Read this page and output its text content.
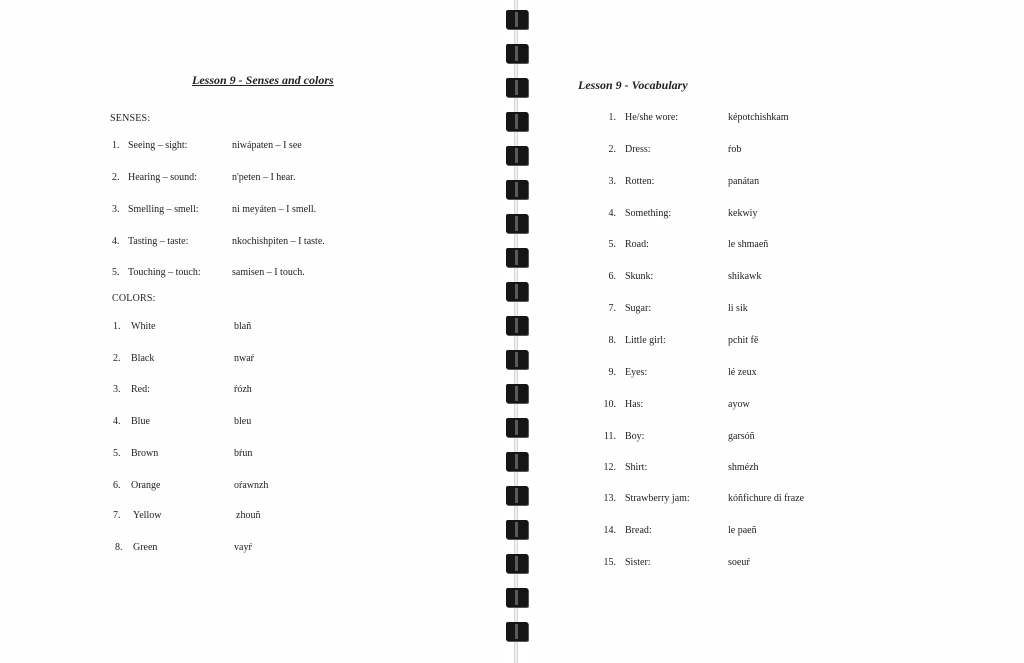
Lesson 9 - Senses and colors
SENSES:
1. Seeing – sight:	niwápaten – I see
2. Hearing – sound:	n'peten – I hear.
3. Smelling – smell:	ni meyáten – I smell.
4. Tasting – taste:	nkochishpiten – I taste.
5. Touching – touch:	samisen – I touch.
COLORS:
1. White	blañ
2. Black	nwaŕ
3. Red:	ŕózh
4. Blue	bleu
5. Brown	bŕun
6. Orange	oŕawnzh
7. Yellow	zhouñ
8. Green	vayŕ
Lesson 9 - Vocabulary
1. He/she wore:	képotchishkam
2. Dress:	ŕob
3. Rotten:	panátan
4. Something:	kekwiy
5. Road:	le shmaeñ
6. Skunk:	shikawk
7. Sugar:	li sik
8. Little girl:	pchit fě
9. Eyes:	lé zeux
10. Has:	ayow
11. Boy:	garsóñ
12. Shirt:	shmézh
13. Strawberry jam:	kóñfichure di fraze
14. Bread:	le paeñ
15. Sister:	soeuŕ
